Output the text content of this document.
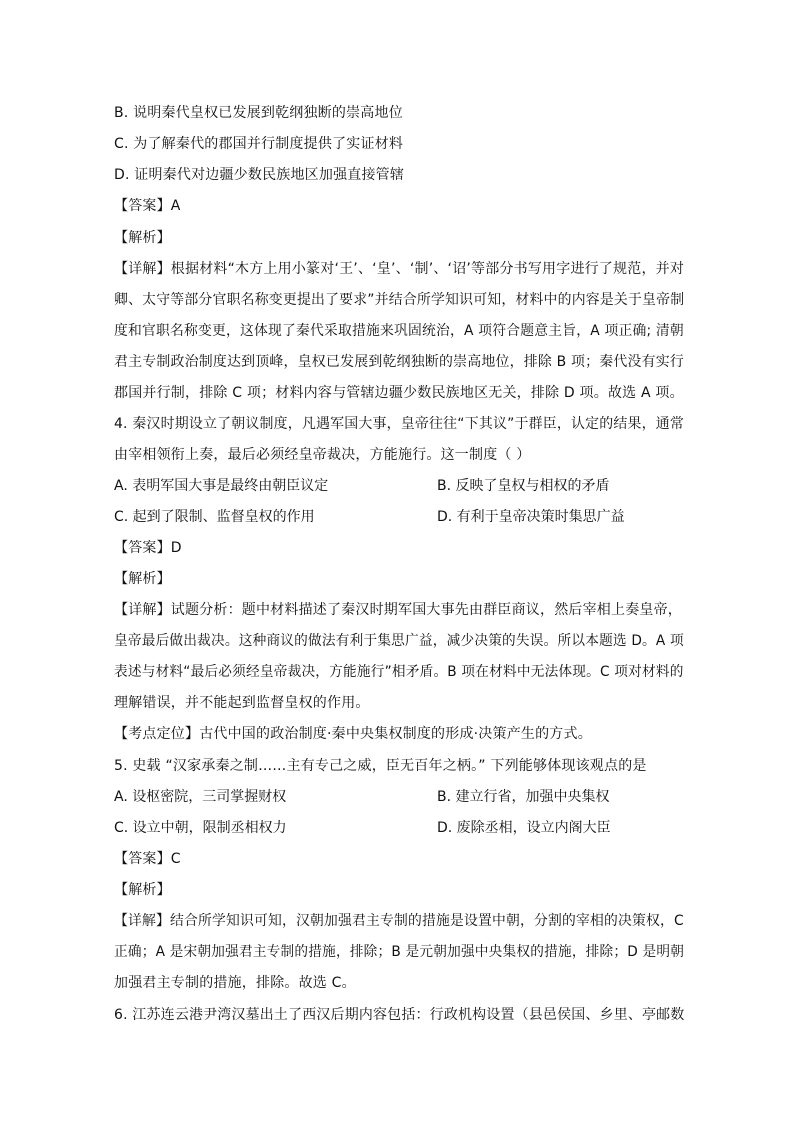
B. 说明秦代皇权已发展到乾纲独断的崇高地位
C. 为了解秦代的郡国并行制度提供了实证材料
D. 证明秦代对边疆少数民族地区加强直接管辖
【答案】A
【解析】
【详解】根据材料“木方上用小篆对‘王’、‘皇’、‘制’、‘诏’等部分书写用字进行了规范，并对
卿、太守等部分官职名称变更提出了要求”并结合所学知识可知，材料中的内容是关于皇帝制
度和官职名称变更，这体现了秦代采取措施来巩固统治，A 项符合题意主旨，A 项正确; 清朝
君主专制政治制度达到顶峰，皇权已发展到乾纲独断的崇高地位，排除 B 项；秦代没有实行
郡国并行制，排除 C 项；材料内容与管辖边疆少数民族地区无关，排除 D 项。故选 A 项。
4. 秦汉时期设立了朝议制度，凡遇军国大事，皇帝往往“下其议”于群臣，认定的结果，通常
由宰相领衔上奏，最后必须经皇帝裁决，方能施行。这一制度（ ）
A. 表明军国大事是最终由朝臣议定	B. 反映了皇权与相权的矛盾
C. 起到了限制、监督皇权的作用	D. 有利于皇帝决策时集思广益
【答案】D
【解析】
【详解】试题分析：题中材料描述了秦汉时期军国大事先由群臣商议，然后宰相上奏皇帝，
皇帝最后做出裁决。这种商议的做法有利于集思广益，减少决策的失误。所以本题选 D。A 项
表述与材料“最后必须经皇帝裁决，方能施行”相矛盾。B 项在材料中无法体现。C 项对材料的
理解错误，并不能起到监督皇权的作用。
【考点定位】古代中国的政治制度·秦中央集权制度的形成·决策产生的方式。
5. 史载 “汉家承秦之制……主有专己之威，臣无百年之柄。” 下列能够体现该观点的是
A. 设枢密院，三司掌握财权	B. 建立行省，加强中央集权
C. 设立中朝，限制丞相权力	D. 废除丞相，设立内阁大臣
【答案】C
【解析】
【详解】结合所学知识可知，汉朝加强君主专制的措施是设置中朝，分割的宰相的决策权，C
正确；A 是宋朝加强君主专制的措施，排除；B 是元朝加强中央集权的措施，排除；D 是明朝
加强君主专制的措施，排除。故选 C。
6. 江苏连云港尹湾汉墓出土了西汉后期内容包括：行政机构设置（县邑侯国、乡里、亭邮数
